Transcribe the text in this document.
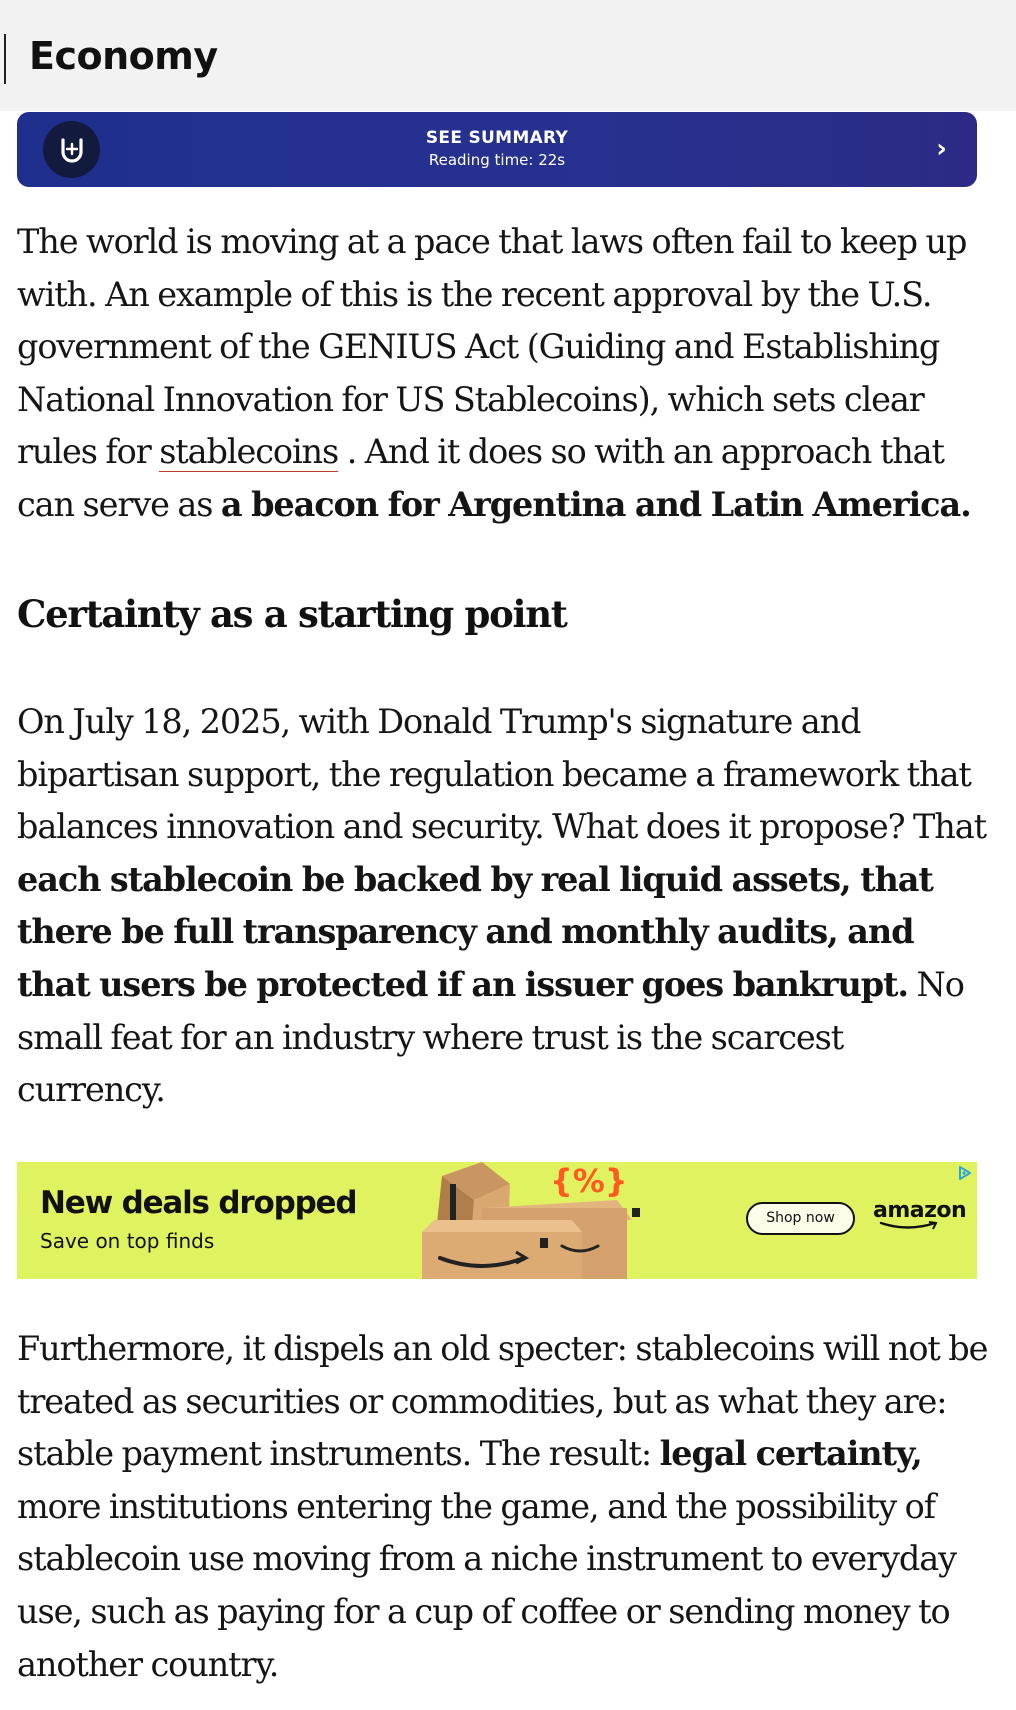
Economy
SEE SUMMARY
Reading time: 22s	›

The world is moving at a pace that laws often fail to keep up with. An example of this is the recent approval by the U.S. government of the GENIUS Act (Guiding and Establishing National Innovation for US Stablecoins), which sets clear rules for stablecoins . And it does so with an approach that can serve as a beacon for Argentina and Latin America.

Certainty as a starting point

On July 18, 2025, with Donald Trump's signature and bipartisan support, the regulation became a framework that balances innovation and security. What does it propose? That each stablecoin be backed by real liquid assets, that there be full transparency and monthly audits, and that users be protected if an issuer goes bankrupt. No small feat for an industry where trust is the scarcest currency.

New deals dropped
Save on top finds
{%}
Shop now	amazon

Furthermore, it dispels an old specter: stablecoins will not be treated as securities or commodities, but as what they are: stable payment instruments. The result: legal certainty, more institutions entering the game, and the possibility of stablecoin use moving from a niche instrument to everyday use, such as paying for a cup of coffee or sending money to another country.
